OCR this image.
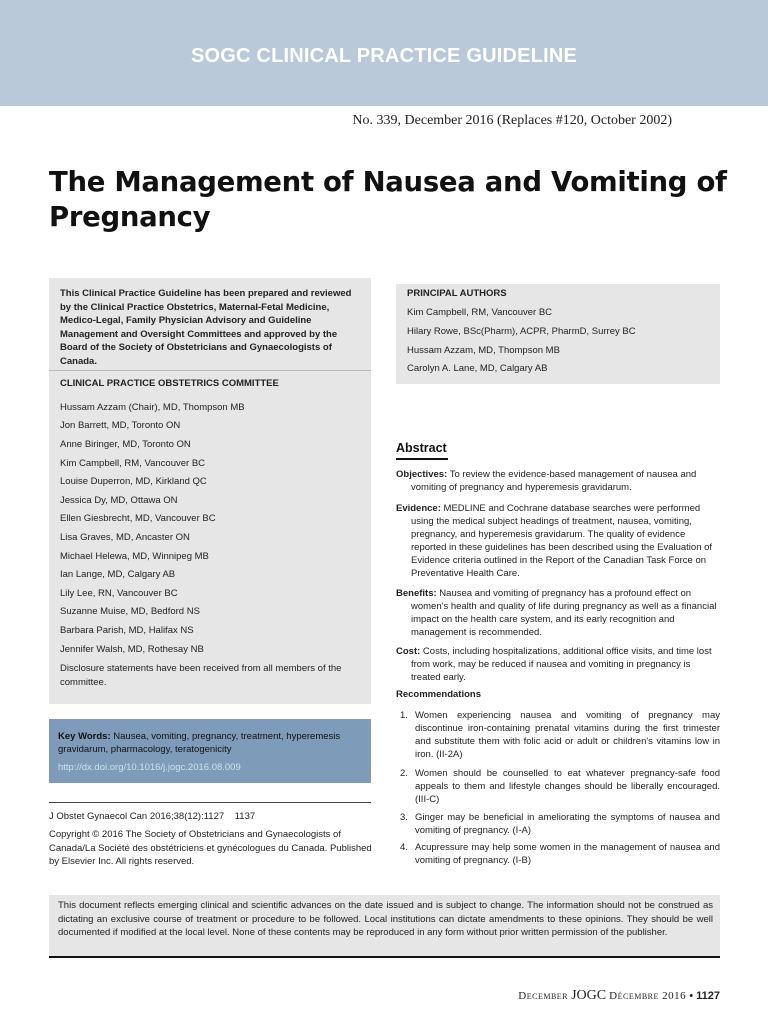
SOGC CLINICAL PRACTICE GUIDELINE
No. 339, December 2016 (Replaces #120, October 2002)
The Management of Nausea and Vomiting of Pregnancy
This Clinical Practice Guideline has been prepared and reviewed by the Clinical Practice Obstetrics, Maternal-Fetal Medicine, Medico-Legal, Family Physician Advisory and Guideline Management and Oversight Committees and approved by the Board of the Society of Obstetricians and Gynaecologists of Canada.
CLINICAL PRACTICE OBSTETRICS COMMITTEE
Hussam Azzam (Chair), MD, Thompson MB
Jon Barrett, MD, Toronto ON
Anne Biringer, MD, Toronto ON
Kim Campbell, RM, Vancouver BC
Louise Duperron, MD, Kirkland QC
Jessica Dy, MD, Ottawa ON
Ellen Giesbrecht, MD, Vancouver BC
Lisa Graves, MD, Ancaster ON
Michael Helewa, MD, Winnipeg MB
Ian Lange, MD, Calgary AB
Lily Lee, RN, Vancouver BC
Suzanne Muise, MD, Bedford NS
Barbara Parish, MD, Halifax NS
Jennifer Walsh, MD, Rothesay NB
Disclosure statements have been received from all members of the committee.
Key Words: Nausea, vomiting, pregnancy, treatment, hyperemesis gravidarum, pharmacology, teratogenicity
http://dx.doi.org/10.1016/j.jogc.2016.08.009
J Obstet Gynaecol Can 2016;38(12):1127    1137
Copyright © 2016 The Society of Obstetricians and Gynaecologists of Canada/La Société des obstétriciens et gynécologues du Canada. Published by Elsevier Inc. All rights reserved.
PRINCIPAL AUTHORS
Kim Campbell, RM, Vancouver BC
Hilary Rowe, BSc(Pharm), ACPR, PharmD, Surrey BC
Hussam Azzam, MD, Thompson MB
Carolyn A. Lane, MD, Calgary AB
Abstract
Objectives: To review the evidence-based management of nausea and vomiting of pregnancy and hyperemesis gravidarum.
Evidence: MEDLINE and Cochrane database searches were performed using the medical subject headings of treatment, nausea, vomiting, pregnancy, and hyperemesis gravidarum. The quality of evidence reported in these guidelines has been described using the Evaluation of Evidence criteria outlined in the Report of the Canadian Task Force on Preventative Health Care.
Benefits: Nausea and vomiting of pregnancy has a profound effect on women's health and quality of life during pregnancy as well as a financial impact on the health care system, and its early recognition and management is recommended.
Cost: Costs, including hospitalizations, additional office visits, and time lost from work, may be reduced if nausea and vomiting in pregnancy is treated early.
Recommendations
1. Women experiencing nausea and vomiting of pregnancy may discontinue iron-containing prenatal vitamins during the first trimester and substitute them with folic acid or adult or children's vitamins low in iron. (II-2A)
2. Women should be counselled to eat whatever pregnancy-safe food appeals to them and lifestyle changes should be liberally encouraged. (III-C)
3. Ginger may be beneficial in ameliorating the symptoms of nausea and vomiting of pregnancy. (I-A)
4. Acupressure may help some women in the management of nausea and vomiting of pregnancy. (I-B)
This document reflects emerging clinical and scientific advances on the date issued and is subject to change. The information should not be construed as dictating an exclusive course of treatment or procedure to be followed. Local institutions can dictate amendments to these opinions. They should be well documented if modified at the local level. None of these contents may be reproduced in any form without prior written permission of the publisher.
December JOGC Décembre 2016 • 1127
